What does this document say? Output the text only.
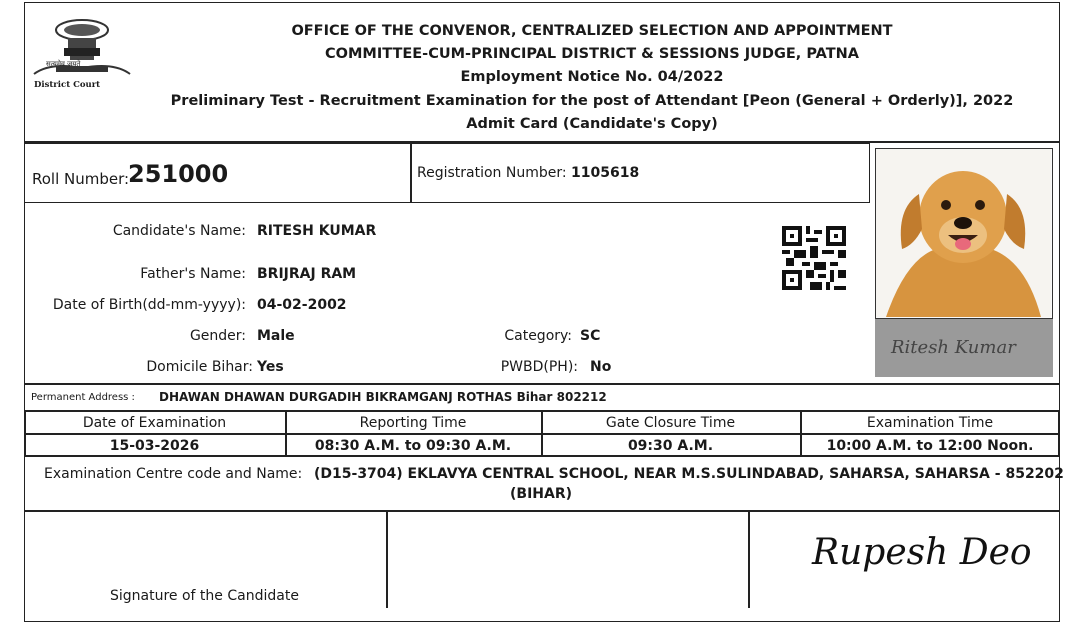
सत्यमेव जयते
District Court
OFFICE OF THE CONVENOR, CENTRALIZED SELECTION AND APPOINTMENT
COMMITTEE-CUM-PRINCIPAL DISTRICT & SESSIONS JUDGE, PATNA
Employment Notice No. 04/2022
Preliminary Test - Recruitment Examination for the post of Attendant [Peon (General + Orderly)], 2022
Admit Card (Candidate's Copy)
Roll Number:
251000	Registration Number: 1105618
Candidate's Name: RITESH KUMAR
Father's Name: BRIJRAJ RAM
Date of Birth(dd-mm-yyyy): 04-02-2002
Gender: Male
Domicile Bihar: Yes
Category: SC
PWBD(PH): No
Ritesh Kumar
Permanent Address : DHAWAN DHAWAN DURGADIH BIKRAMGANJ ROTHAS Bihar 802212
Date of Examination	Reporting Time	Gate Closure Time	Examination Time
15-03-2026	08:30 A.M. to 09:30 A.M.	09:30 A.M.	10:00 A.M. to 12:00 Noon.
Examination Centre code and Name: (D15-3704) EKLAVYA CENTRAL SCHOOL, NEAR M.S.SULINDABAD, SAHARSA, SAHARSA - 852202
(BIHAR)
Signature of the Candidate
Rupesh Deo
